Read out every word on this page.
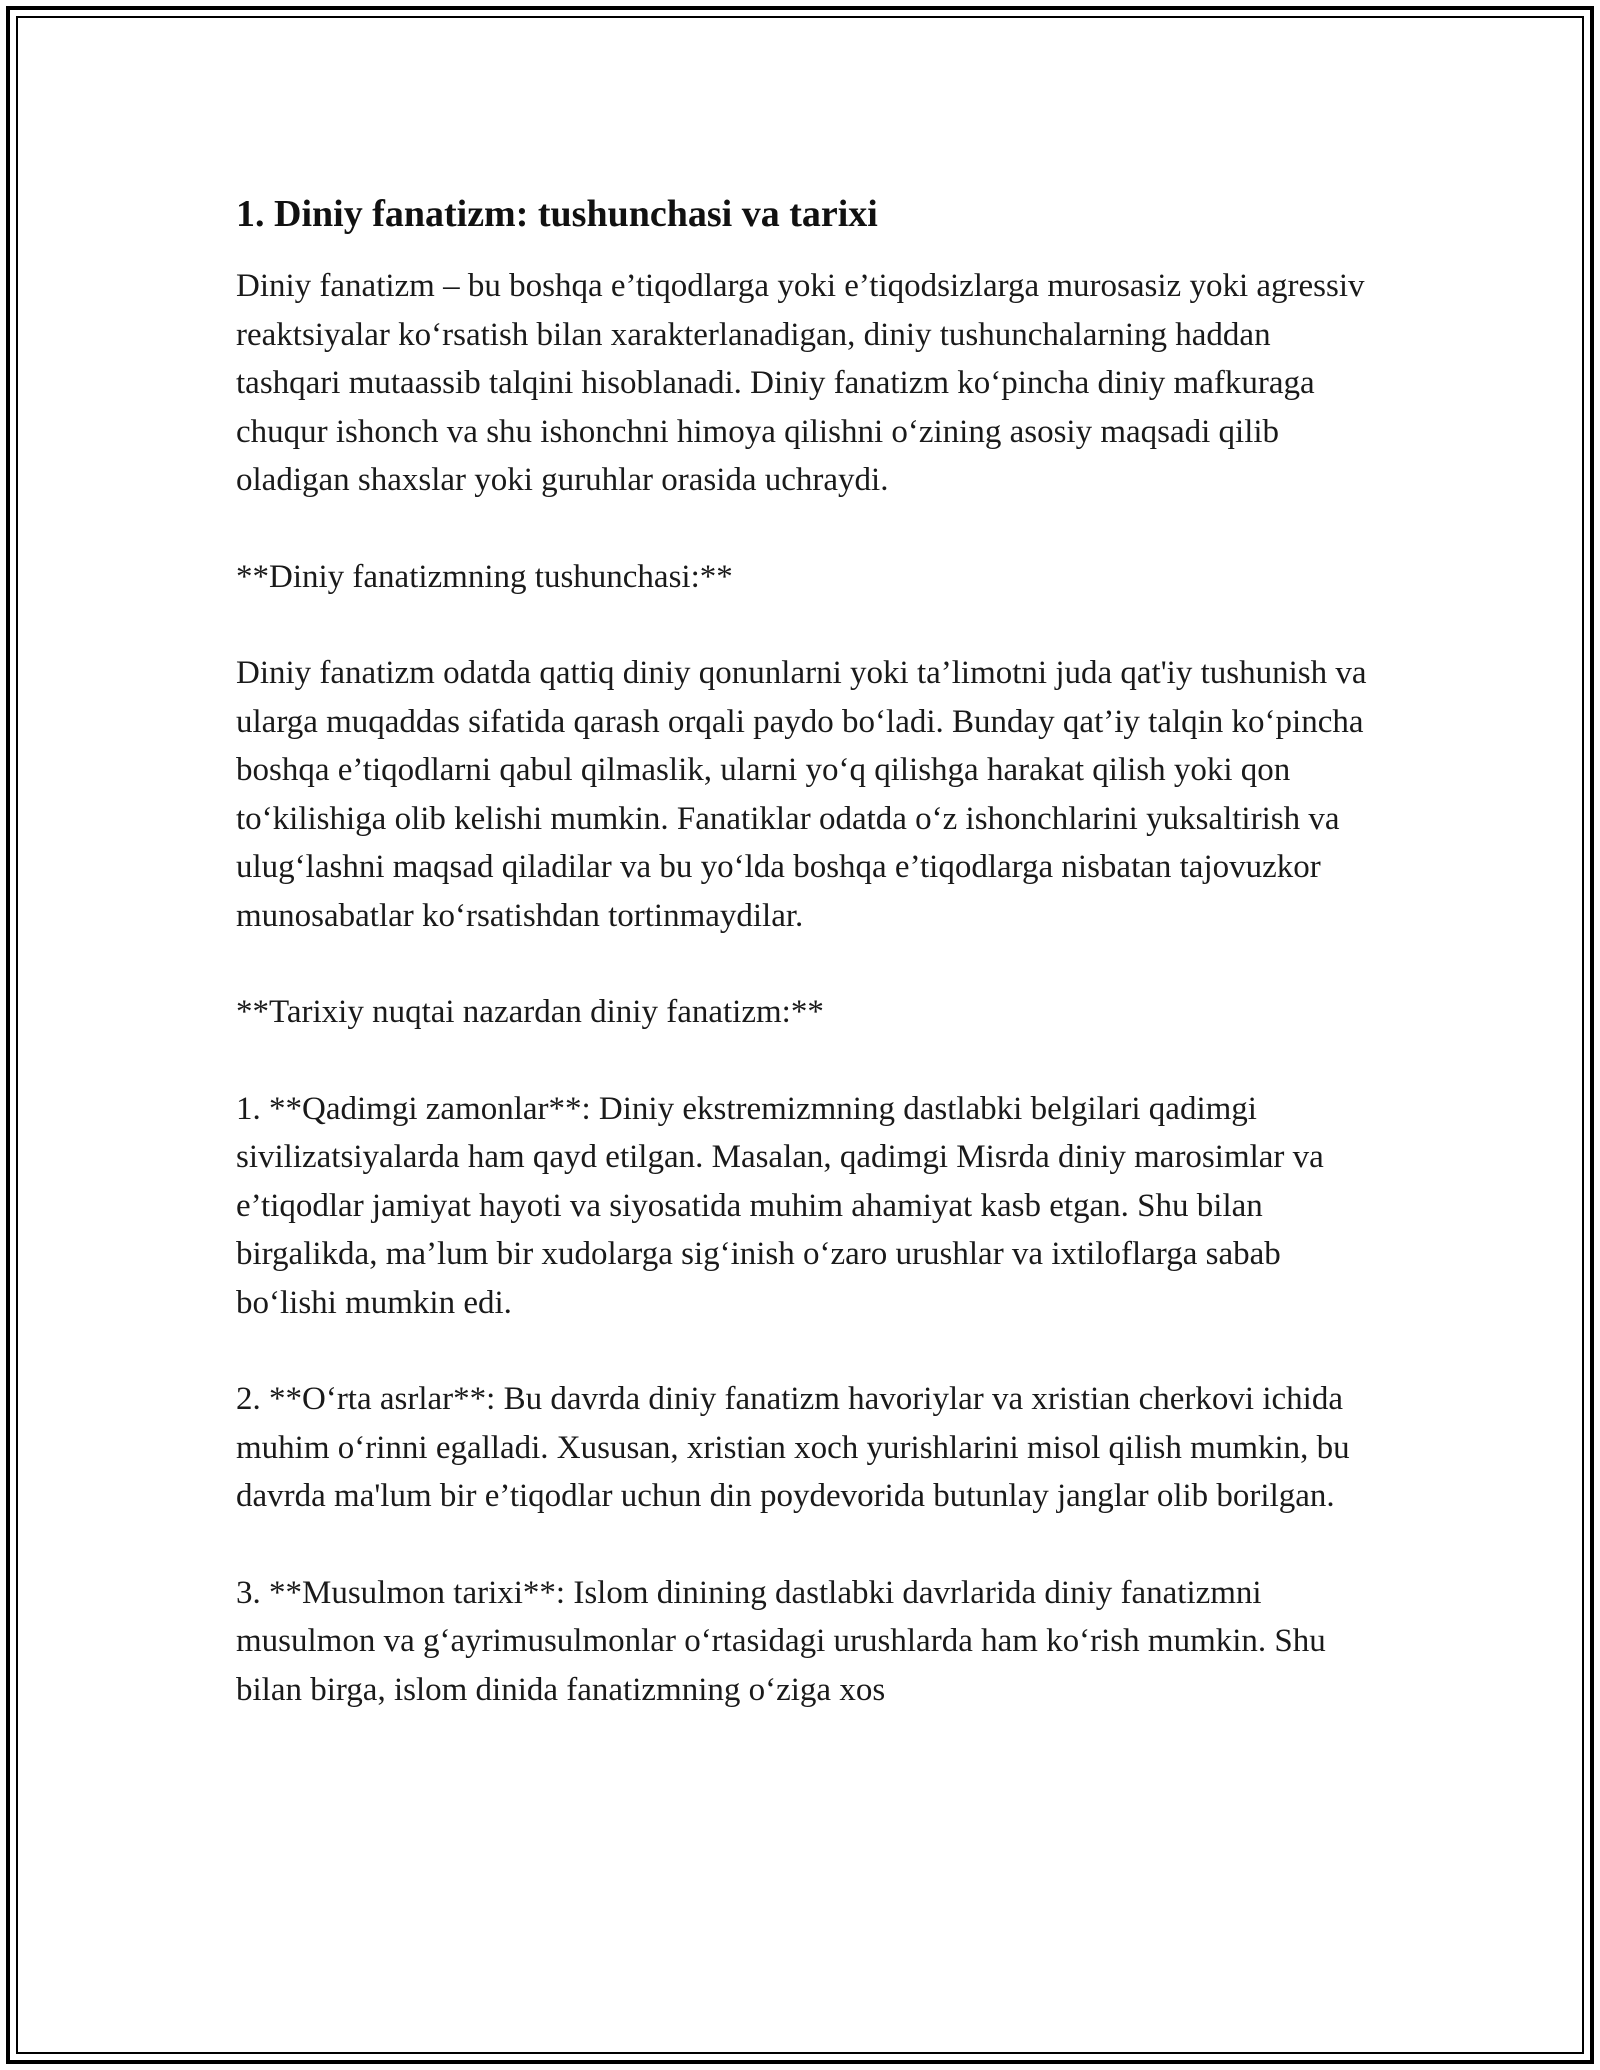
1. Diniy fanatizm: tushunchasi va tarixi

Diniy fanatizm – bu boshqa e’tiqodlarga yoki e’tiqodsizlarga murosasiz yoki agressiv reaktsiyalar ko‘rsatish bilan xarakterlanadigan, diniy tushunchalarning haddan tashqari mutaassib talqini hisoblanadi. Diniy fanatizm ko‘pincha diniy mafkuraga chuqur ishonch va shu ishonchni himoya qilishni o‘zining asosiy maqsadi qilib oladigan shaxslar yoki guruhlar orasida uchraydi.

**Diniy fanatizmning tushunchasi:**

Diniy fanatizm odatda qattiq diniy qonunlarni yoki ta’limotni juda qat'iy tushunish va ularga muqaddas sifatida qarash orqali paydo bo‘ladi. Bunday qat’iy talqin ko‘pincha boshqa e’tiqodlarni qabul qilmaslik, ularni yo‘q qilishga harakat qilish yoki qon to‘kilishiga olib kelishi mumkin. Fanatiklar odatda o‘z ishonchlarini yuksaltirish va ulug‘lashni maqsad qiladilar va bu yo‘lda boshqa e’tiqodlarga nisbatan tajovuzkor munosabatlar ko‘rsatishdan tortinmaydilar.

**Tarixiy nuqtai nazardan diniy fanatizm:**

1. **Qadimgi zamonlar**: Diniy ekstremizmning dastlabki belgilari qadimgi sivilizatsiyalarda ham qayd etilgan. Masalan, qadimgi Misrda diniy marosimlar va e’tiqodlar jamiyat hayoti va siyosatida muhim ahamiyat kasb etgan. Shu bilan birgalikda, ma’lum bir xudolarga sig‘inish o‘zaro urushlar va ixtiloflarga sabab bo‘lishi mumkin edi.

2. **O‘rta asrlar**: Bu davrda diniy fanatizm havoriylar va xristian cherkovi ichida muhim o‘rinni egalladi. Xususan, xristian xoch yurishlarini misol qilish mumkin, bu davrda ma'lum bir e’tiqodlar uchun din poydevorida butunlay janglar olib borilgan.

3. **Musulmon tarixi**: Islom dinining dastlabki davrlarida diniy fanatizmni musulmon va g‘ayrimusulmonlar o‘rtasidagi urushlarda ham ko‘rish mumkin. Shu bilan birga, islom dinida fanatizmning o‘ziga xos
